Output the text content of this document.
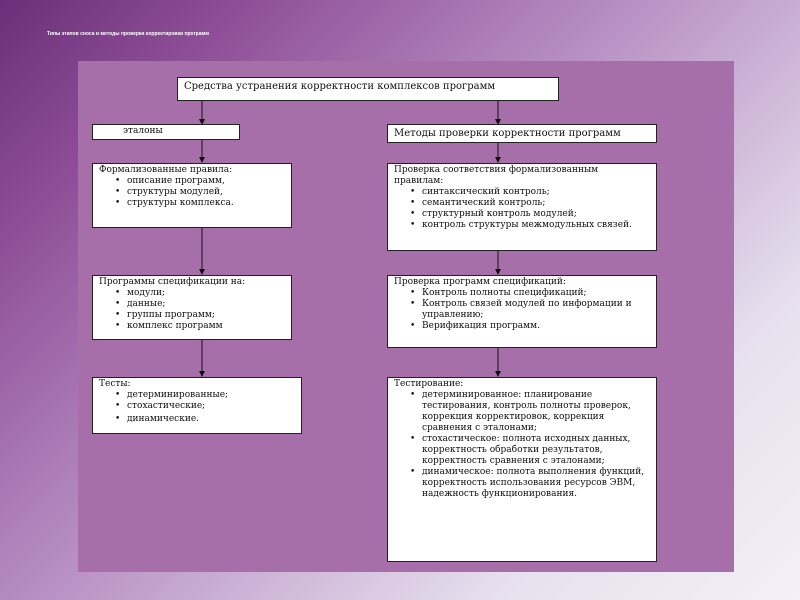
Типы этапов сноса и методы проверки корректировки программ
Средства устранения корректности комплексов программ
эталоны	Методы проверки корректности программ
Формализованные правила:
• описание программ,
• структуры модулей,
• структуры комплекса.
Программы спецификации на:
• модули;
• данные;
• группы программ;
• комплекс программ
Тесты:
• детерминированные;
• стохастические;
• динамические.
Проверка соответствия формализованным правилам:
• синтаксический контроль;
• семантический контроль;
• структурный контроль модулей;
• контроль структуры межмодульных связей.
Проверка программ спецификаций:
• Контроль полноты спецификаций;
• Контроль связей модулей по информации и управлению;
• Верификация программ.
Тестирование:
• детерминированное: планирование тестирования, контроль полноты проверок, коррекция корректировок, коррекция сравнения с эталонами;
• стохастическое: полнота исходных данных, корректность обработки результатов, корректность сравнения с эталонами;
• динамическое: полнота выполнения функций, корректность использования ресурсов ЭВМ, надежность функционирования.
